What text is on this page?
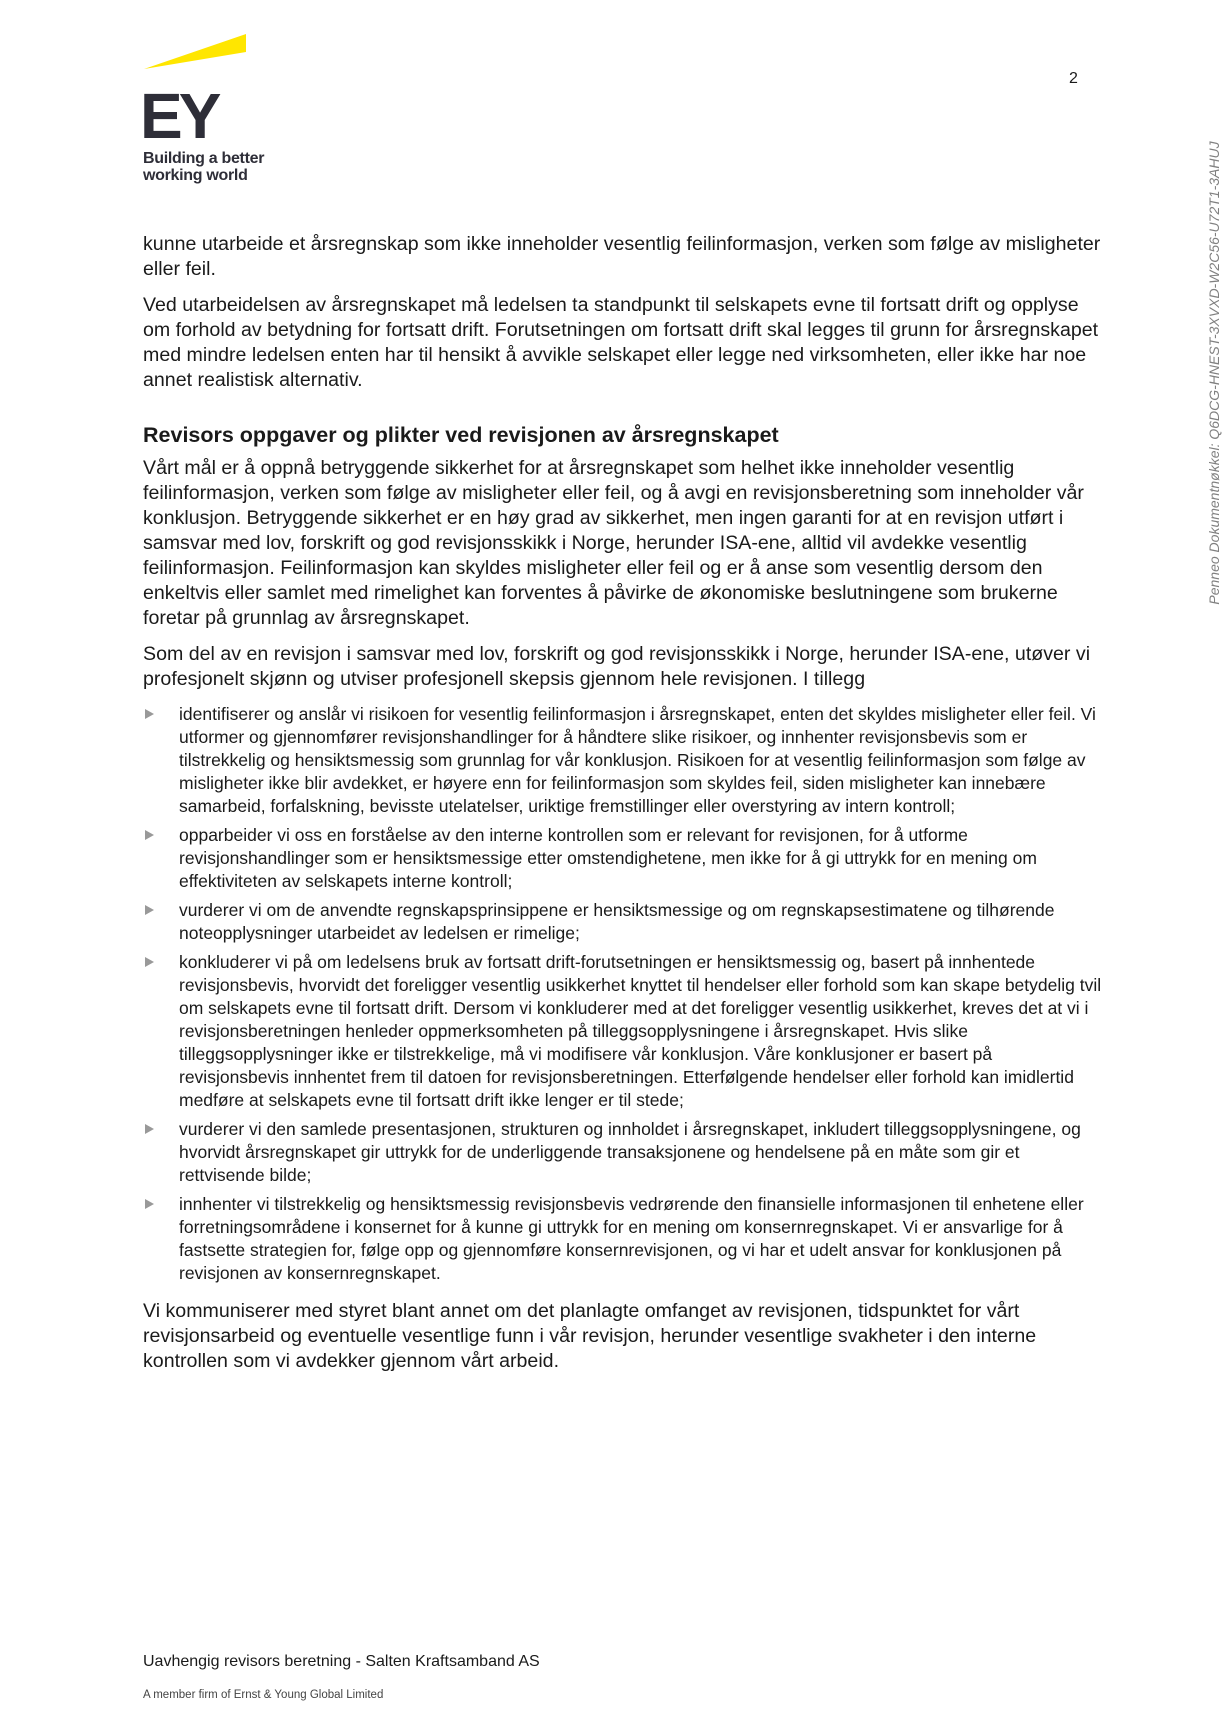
EY
Building a better
working world
2

kunne utarbeide et årsregnskap som ikke inneholder vesentlig feilinformasjon, verken som følge av misligheter eller feil.

Ved utarbeidelsen av årsregnskapet må ledelsen ta standpunkt til selskapets evne til fortsatt drift og opplyse om forhold av betydning for fortsatt drift. Forutsetningen om fortsatt drift skal legges til grunn for årsregnskapet med mindre ledelsen enten har til hensikt å avvikle selskapet eller legge ned virksomheten, eller ikke har noe annet realistisk alternativ.

Revisors oppgaver og plikter ved revisjonen av årsregnskapet

Vårt mål er å oppnå betryggende sikkerhet for at årsregnskapet som helhet ikke inneholder vesentlig feilinformasjon, verken som følge av misligheter eller feil, og å avgi en revisjonsberetning som inneholder vår konklusjon. Betryggende sikkerhet er en høy grad av sikkerhet, men ingen garanti for at en revisjon utført i samsvar med lov, forskrift og god revisjonsskikk i Norge, herunder ISA-ene, alltid vil avdekke vesentlig feilinformasjon. Feilinformasjon kan skyldes misligheter eller feil og er å anse som vesentlig dersom den enkeltvis eller samlet med rimelighet kan forventes å påvirke de økonomiske beslutningene som brukerne foretar på grunnlag av årsregnskapet.

Som del av en revisjon i samsvar med lov, forskrift og god revisjonsskikk i Norge, herunder ISA-ene, utøver vi profesjonelt skjønn og utviser profesjonell skepsis gjennom hele revisjonen. I tillegg

identifiserer og anslår vi risikoen for vesentlig feilinformasjon i årsregnskapet, enten det skyldes misligheter eller feil. Vi utformer og gjennomfører revisjonshandlinger for å håndtere slike risikoer, og innhenter revisjonsbevis som er tilstrekkelig og hensiktsmessig som grunnlag for vår konklusjon. Risikoen for at vesentlig feilinformasjon som følge av misligheter ikke blir avdekket, er høyere enn for feilinformasjon som skyldes feil, siden misligheter kan innebære samarbeid, forfalskning, bevisste utelatelser, uriktige fremstillinger eller overstyring av intern kontroll;
opparbeider vi oss en forståelse av den interne kontrollen som er relevant for revisjonen, for å utforme revisjonshandlinger som er hensiktsmessige etter omstendighetene, men ikke for å gi uttrykk for en mening om effektiviteten av selskapets interne kontroll;
vurderer vi om de anvendte regnskapsprinsippene er hensiktsmessige og om regnskapsestimatene og tilhørende noteopplysninger utarbeidet av ledelsen er rimelige;
konkluderer vi på om ledelsens bruk av fortsatt drift-forutsetningen er hensiktsmessig og, basert på innhentede revisjonsbevis, hvorvidt det foreligger vesentlig usikkerhet knyttet til hendelser eller forhold som kan skape betydelig tvil om selskapets evne til fortsatt drift. Dersom vi konkluderer med at det foreligger vesentlig usikkerhet, kreves det at vi i revisjonsberetningen henleder oppmerksomheten på tilleggsopplysningene i årsregnskapet. Hvis slike tilleggsopplysninger ikke er tilstrekkelige, må vi modifisere vår konklusjon. Våre konklusjoner er basert på revisjonsbevis innhentet frem til datoen for revisjonsberetningen. Etterfølgende hendelser eller forhold kan imidlertid medføre at selskapets evne til fortsatt drift ikke lenger er til stede;
vurderer vi den samlede presentasjonen, strukturen og innholdet i årsregnskapet, inkludert tilleggsopplysningene, og hvorvidt årsregnskapet gir uttrykk for de underliggende transaksjonene og hendelsene på en måte som gir et rettvisende bilde;
innhenter vi tilstrekkelig og hensiktsmessig revisjonsbevis vedrørende den finansielle informasjonen til enhetene eller forretningsområdene i konsernet for å kunne gi uttrykk for en mening om konsernregnskapet. Vi er ansvarlige for å fastsette strategien for, følge opp og gjennomføre konsernrevisjonen, og vi har et udelt ansvar for konklusjonen på revisjonen av konsernregnskapet.

Vi kommuniserer med styret blant annet om det planlagte omfanget av revisjonen, tidspunktet for vårt revisjonsarbeid og eventuelle vesentlige funn i vår revisjon, herunder vesentlige svakheter i den interne kontrollen som vi avdekker gjennom vårt arbeid.

Penneo Dokumentnøkkel: Q6DCG-HNEST-3XVXD-W2C56-U72T1-3AHUJ
Uavhengig revisors beretning - Salten Kraftsamband AS
A member firm of Ernst & Young Global Limited
